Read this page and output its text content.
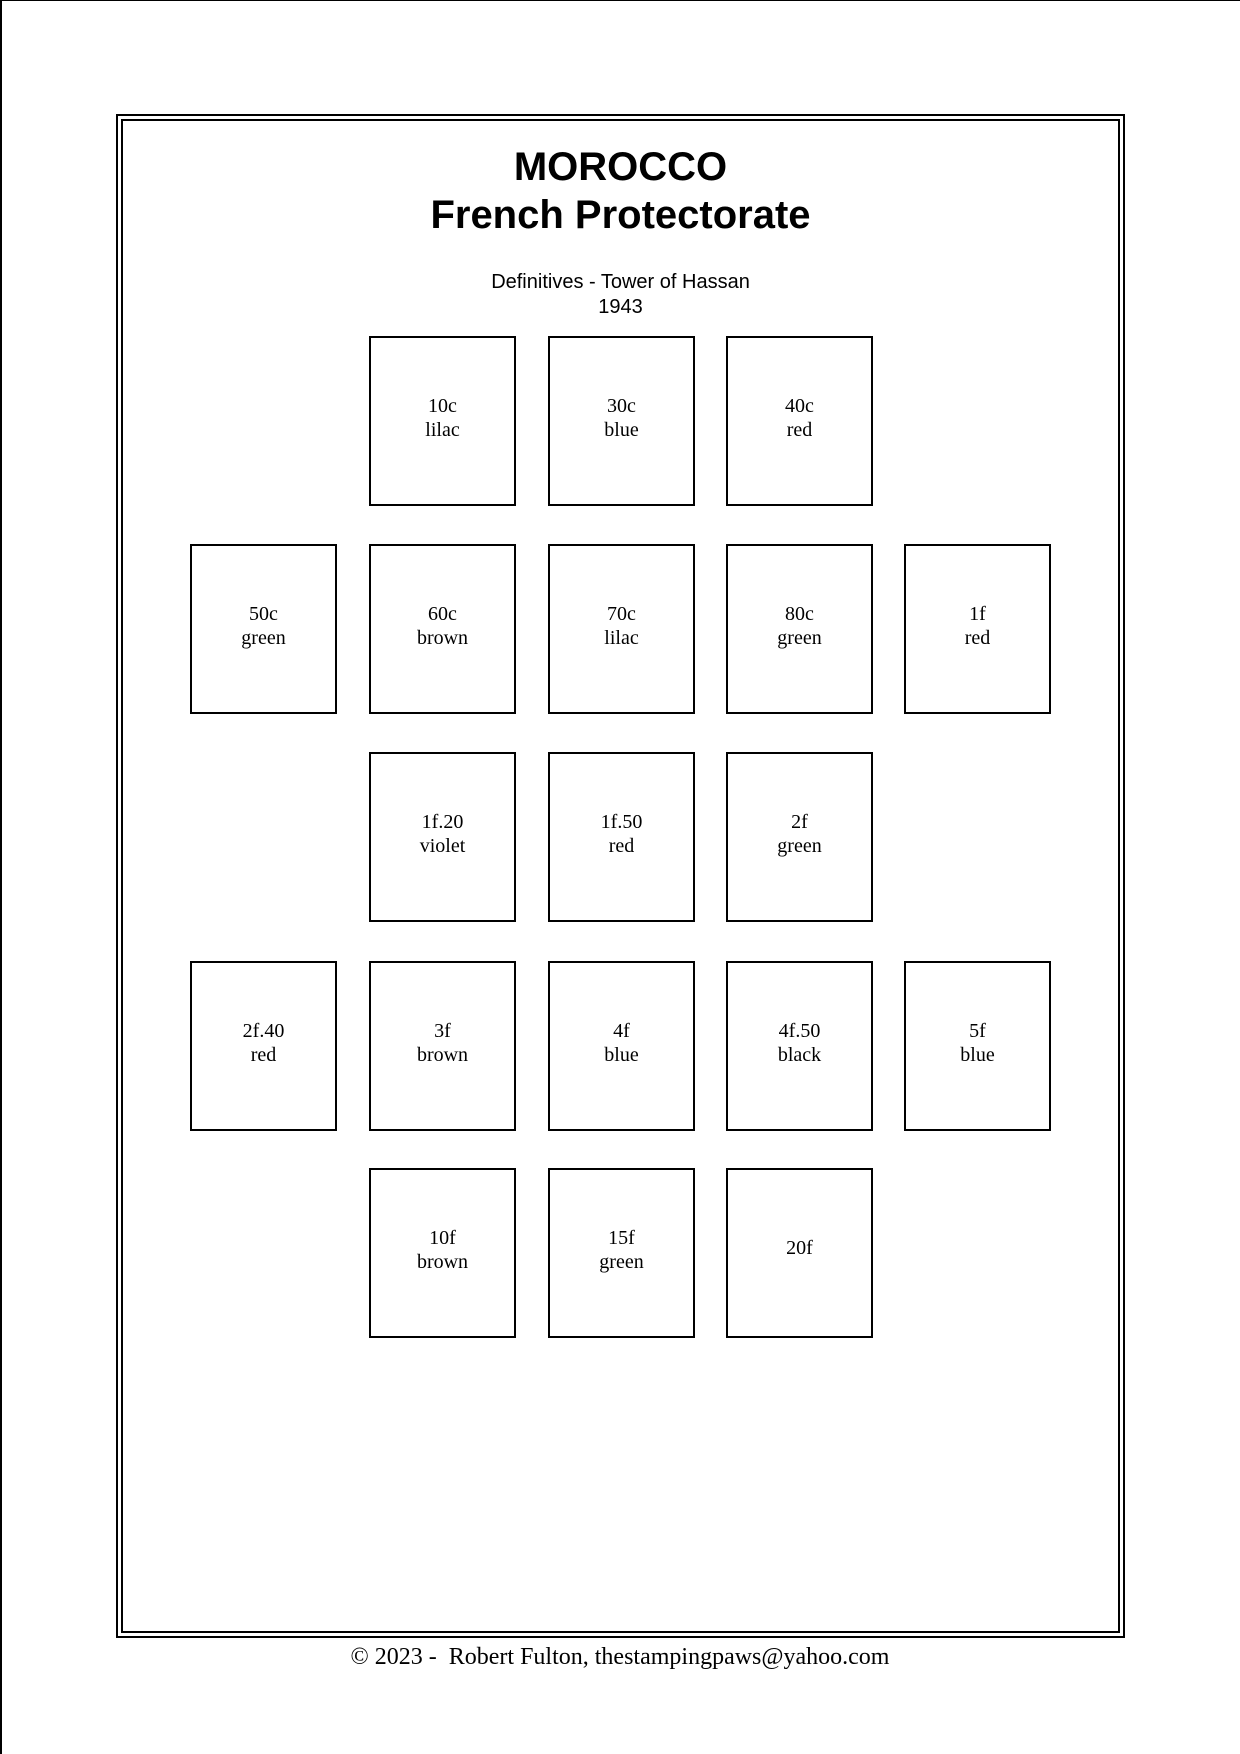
MOROCCO
French Protectorate
Definitives - Tower of Hassan
1943
10c
lilac
30c
blue
40c
red
50c
green
60c
brown
70c
lilac
80c
green
1f
red
1f.20
violet
1f.50
red
2f
green
2f.40
red
3f
brown
4f
blue
4f.50
black
5f
blue
10f
brown
15f
green
20f
© 2023 -  Robert Fulton, thestampingpaws@yahoo.com
